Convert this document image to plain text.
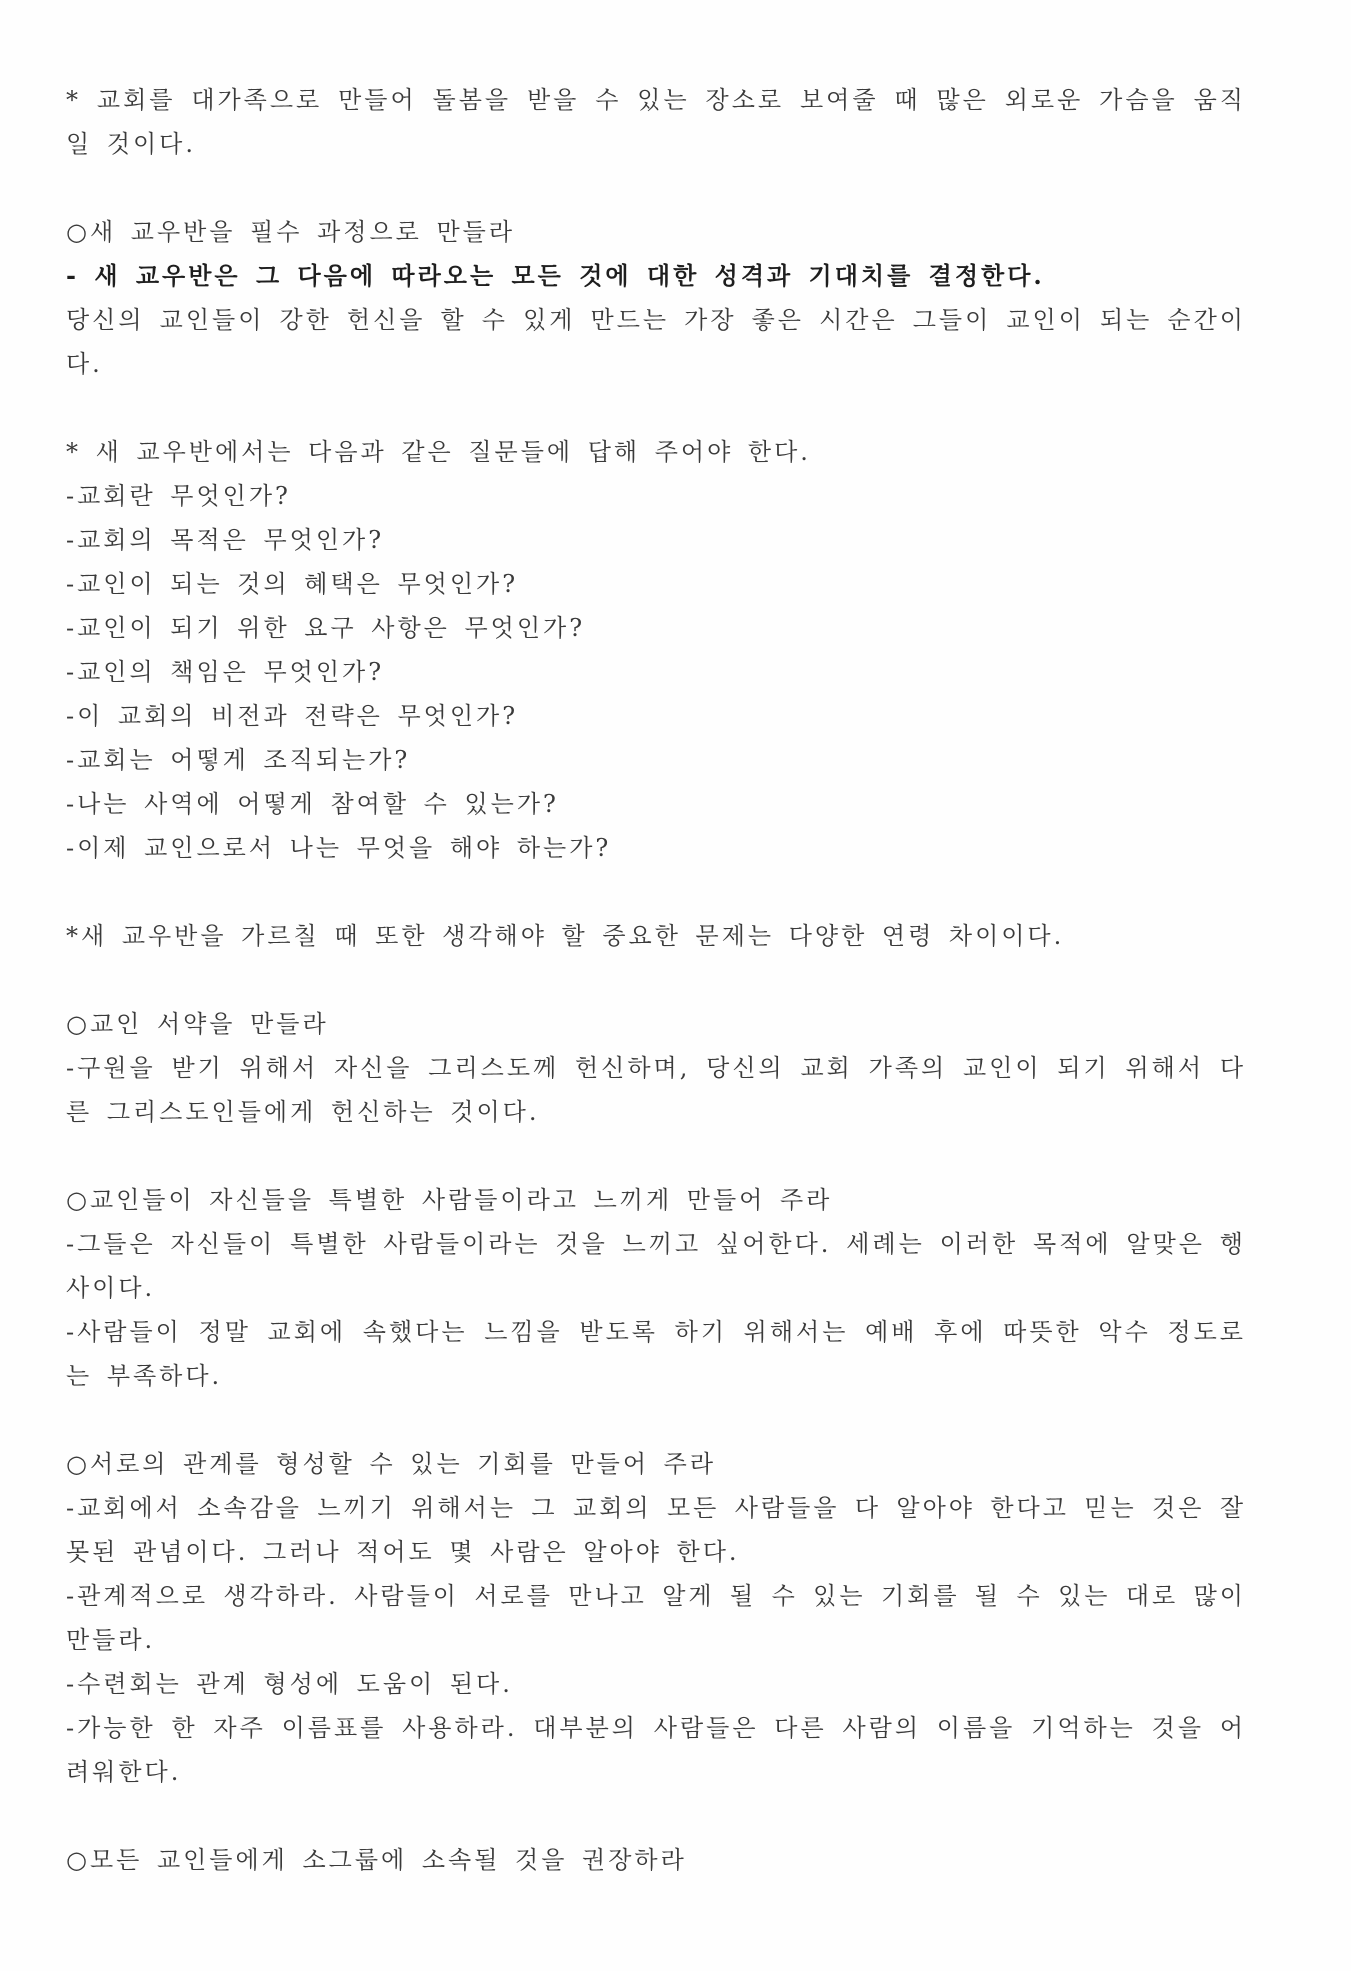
* 교회를 대가족으로 만들어 돌봄을 받을 수 있는 장소로 보여줄 때 많은 외로운 가슴을 움직일 것이다.
○새 교우반을 필수 과정으로 만들라
- 새 교우반은 그 다음에 따라오는 모든 것에 대한 성격과 기대치를 결정한다.
당신의 교인들이 강한 헌신을 할 수 있게 만드는 가장 좋은 시간은 그들이 교인이 되는 순간이다.
* 새 교우반에서는 다음과 같은 질문들에 답해 주어야 한다.
-교회란 무엇인가?
-교회의 목적은 무엇인가?
-교인이 되는 것의 혜택은 무엇인가?
-교인이 되기 위한 요구 사항은 무엇인가?
-교인의 책임은 무엇인가?
-이 교회의 비전과 전략은 무엇인가?
-교회는 어떻게 조직되는가?
-나는 사역에 어떻게 참여할 수 있는가?
-이제 교인으로서 나는 무엇을 해야 하는가?
*새 교우반을 가르칠 때 또한 생각해야 할 중요한 문제는 다양한 연령 차이이다.
○교인 서약을 만들라
-구원을 받기 위해서 자신을 그리스도께 헌신하며, 당신의 교회 가족의 교인이 되기 위해서 다른 그리스도인들에게 헌신하는 것이다.
○교인들이 자신들을 특별한 사람들이라고 느끼게 만들어 주라
-그들은 자신들이 특별한 사람들이라는 것을 느끼고 싶어한다. 세례는 이러한 목적에 알맞은 행사이다.
-사람들이 정말 교회에 속했다는 느낌을 받도록 하기 위해서는 예배 후에 따뜻한 악수 정도로는 부족하다.
○서로의 관계를 형성할 수 있는 기회를 만들어 주라
-교회에서 소속감을 느끼기 위해서는 그 교회의 모든 사람들을 다 알아야 한다고 믿는 것은 잘못된 관념이다. 그러나 적어도 몇 사람은 알아야 한다.
-관계적으로 생각하라. 사람들이 서로를 만나고 알게 될 수 있는 기회를 될 수 있는 대로 많이 만들라.
-수련회는 관계 형성에 도움이 된다.
-가능한 한 자주 이름표를 사용하라. 대부분의 사람들은 다른 사람의 이름을 기억하는 것을 어려워한다.
○모든 교인들에게 소그룹에 소속될 것을 권장하라
